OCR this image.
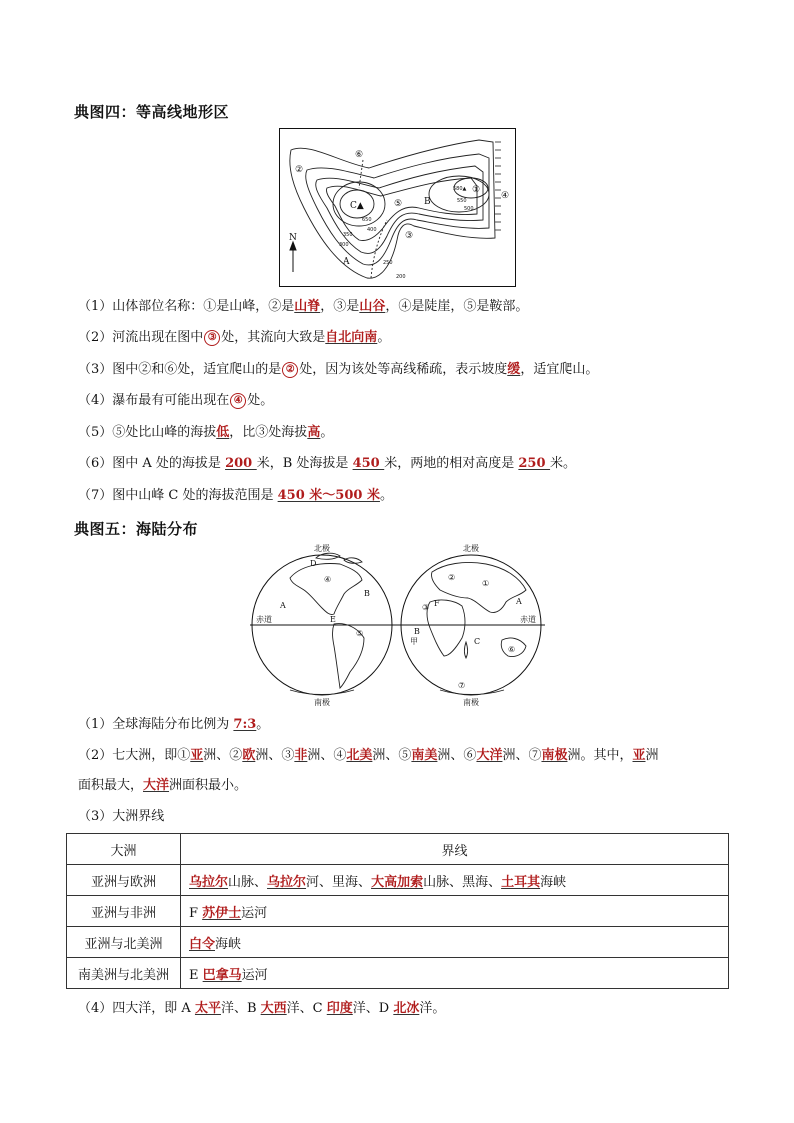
典图四：等高线地形区
N
②
⑥
⑤
③
④
①
C▲	B
A
580▲
650
400
350
300
250
200
550
500
（1）山体部位名称：①是山峰，②是山脊，③是山谷，④是陡崖，⑤是鞍部。
（2）河流出现在图中 ③ 处，其流向大致是自北向南。
（3）图中②和⑥处，适宜爬山的是 ② 处，因为该处等高线稀疏，表示坡度缓，适宜爬山。
（4）瀑布最有可能出现在 ④ 处。
（5）⑤处比山峰的海拔低，比③处海拔高。
（6）图中 A 处的海拔是 200 米，B 处海拔是 450 米，两地的相对高度是 250 米。
（7）图中山峰 C 处的海拔范围是 450 米～500 米。
典图五：海陆分布
北极
南极
赤道
A
B
E
D
④
⑤
北极
南极
赤道
A
B
C
F
甲
①
②
③
⑥
⑦
（1）全球海陆分布比例为 7:3。
（2）七大洲，即①亚洲、②欧洲、③非洲、④北美洲、⑤南美洲、⑥大洋洲、⑦南极洲。其中，亚洲
面积最大，大洋洲面积最小。
（3）大洲界线
大洲	界线
亚洲与欧洲	乌拉尔山脉、乌拉尔河、里海、大高加索山脉、黑海、土耳其海峡
亚洲与非洲	F 苏伊士运河
亚洲与北美洲	白令海峡
南美洲与北美洲	E 巴拿马运河
（4）四大洋，即 A 太平洋、B 大西洋、C 印度洋、D 北冰洋。
